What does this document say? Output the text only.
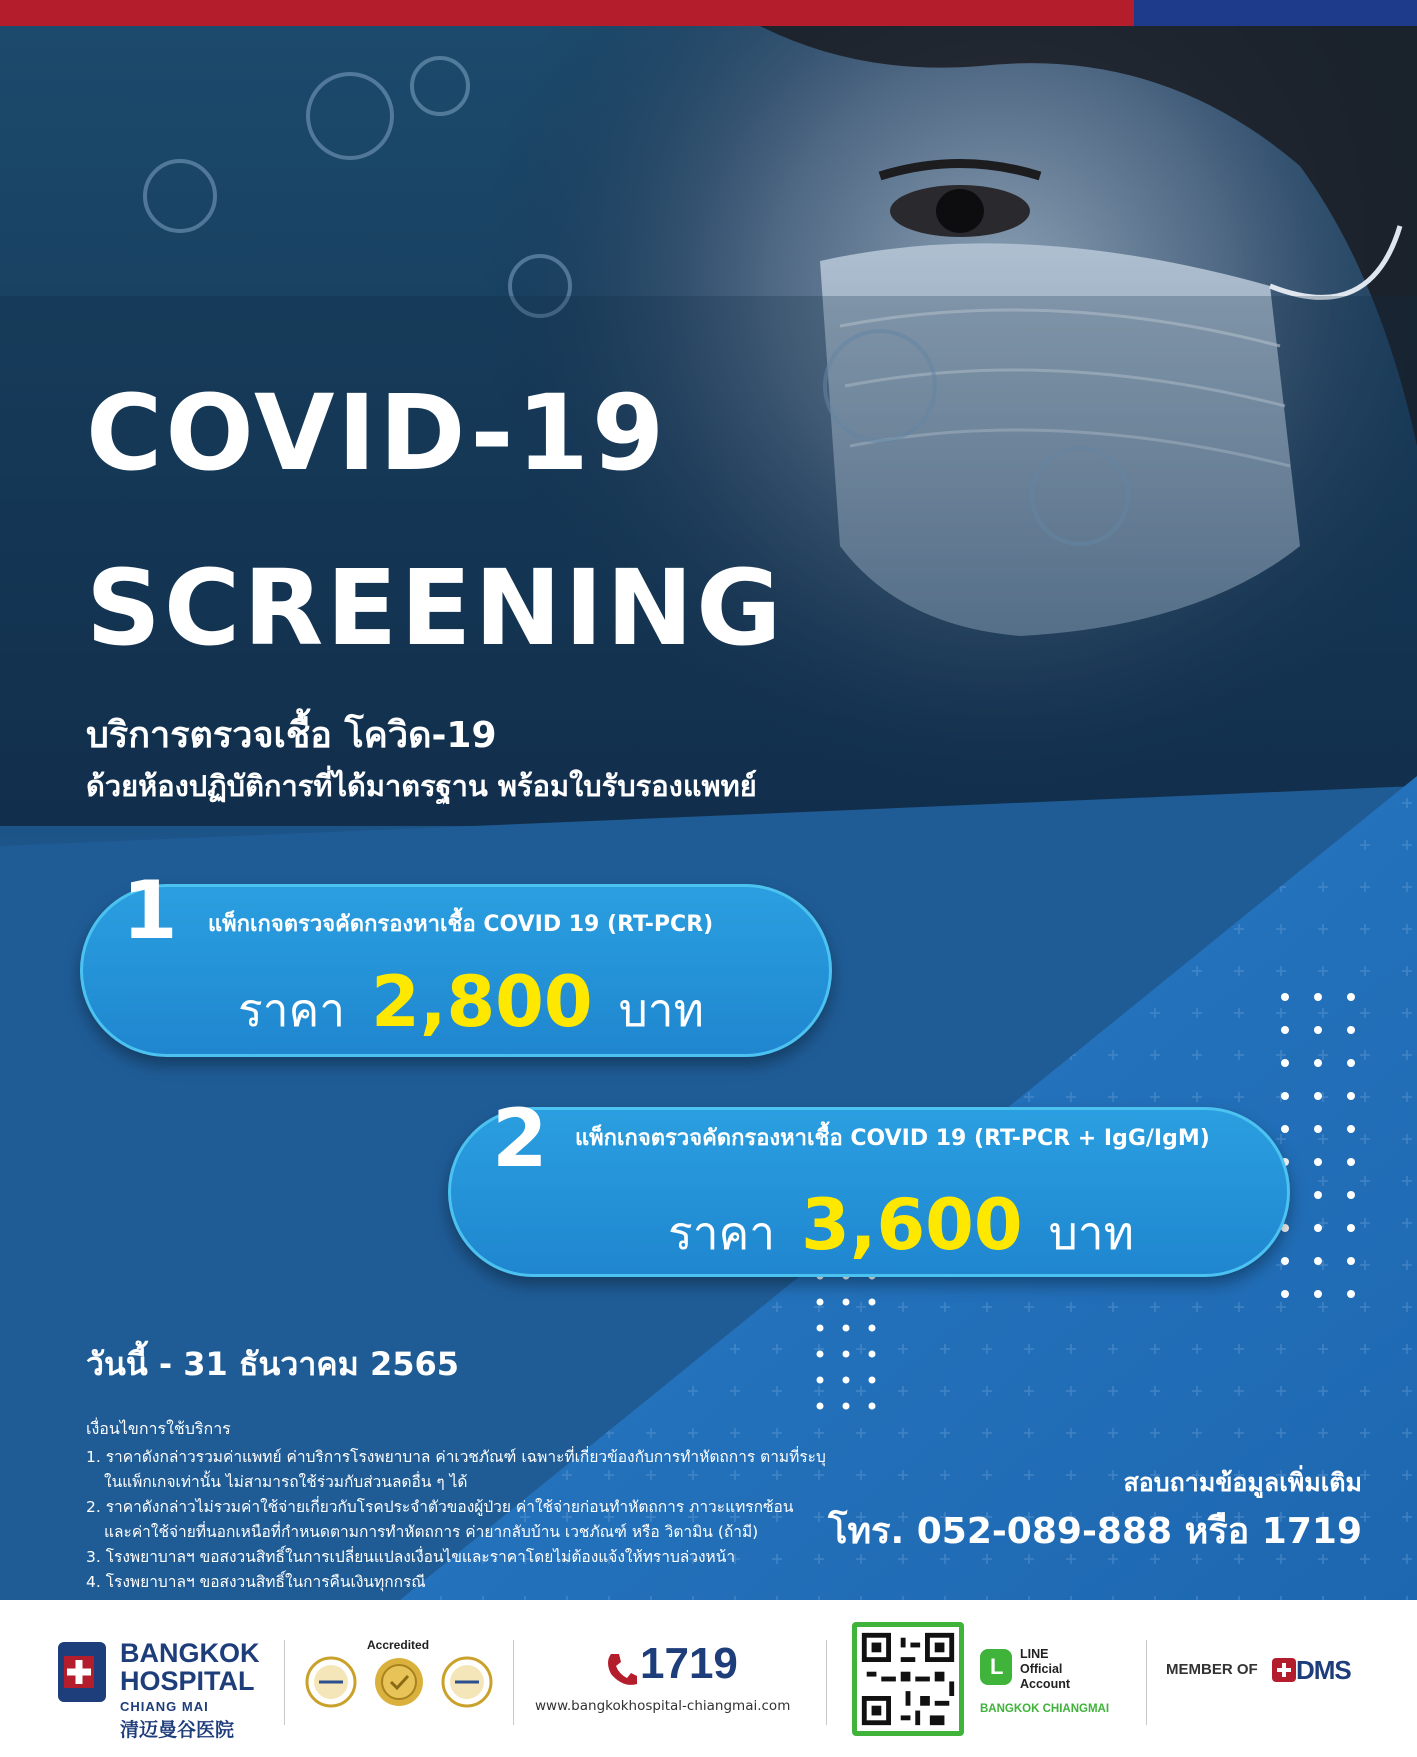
COVID-19
SCREENING
บริการตรวจเชื้อ โควิด-19
ด้วยห้องปฏิบัติการที่ได้มาตรฐาน พร้อมใบรับรองแพทย์
1 แพ็กเกจตรวจคัดกรองหาเชื้อ COVID 19 (RT-PCR)
ราคา 2,800 บาท
2 แพ็กเกจตรวจคัดกรองหาเชื้อ COVID 19 (RT-PCR + IgG/IgM)
ราคา 3,600 บาท
วันนี้ - 31 ธันวาคม 2565
เงื่อนไขการใช้บริการ
1. ราคาดังกล่าวรวมค่าแพทย์ ค่าบริการโรงพยาบาล ค่าเวชภัณฑ์ เฉพาะที่เกี่ยวข้องกับการทำหัตถการ ตามที่ระบุในแพ็กเกจเท่านั้น ไม่สามารถใช้ร่วมกับส่วนลดอื่น ๆ ได้
2. ราคาดังกล่าวไม่รวมค่าใช้จ่ายเกี่ยวกับโรคประจำตัวของผู้ป่วย ค่าใช้จ่ายก่อนทำหัตถการ ภาวะแทรกซ้อน และค่าใช้จ่ายที่นอกเหนือที่กำหนดตามการทำหัตถการ ค่ายากลับบ้าน เวชภัณฑ์ หรือ วิตามิน (ถ้ามี)
3. โรงพยาบาลฯ ขอสงวนสิทธิ์ในการเปลี่ยนแปลงเงื่อนไขและราคาโดยไม่ต้องแจ้งให้ทราบล่วงหน้า
4. โรงพยาบาลฯ ขอสงวนสิทธิ์ในการคืนเงินทุกกรณี
สอบถามข้อมูลเพิ่มเติม
โทร. 052-089-888 หรือ 1719
BANGKOK
HOSPITAL
CHIANG MAI
清迈曼谷医院
Accredited	1719
www.bangkokhospital-chiangmai.com
L LINE
Official
Account
BANGKOK CHIANGMAI
MEMBER OF DMS
